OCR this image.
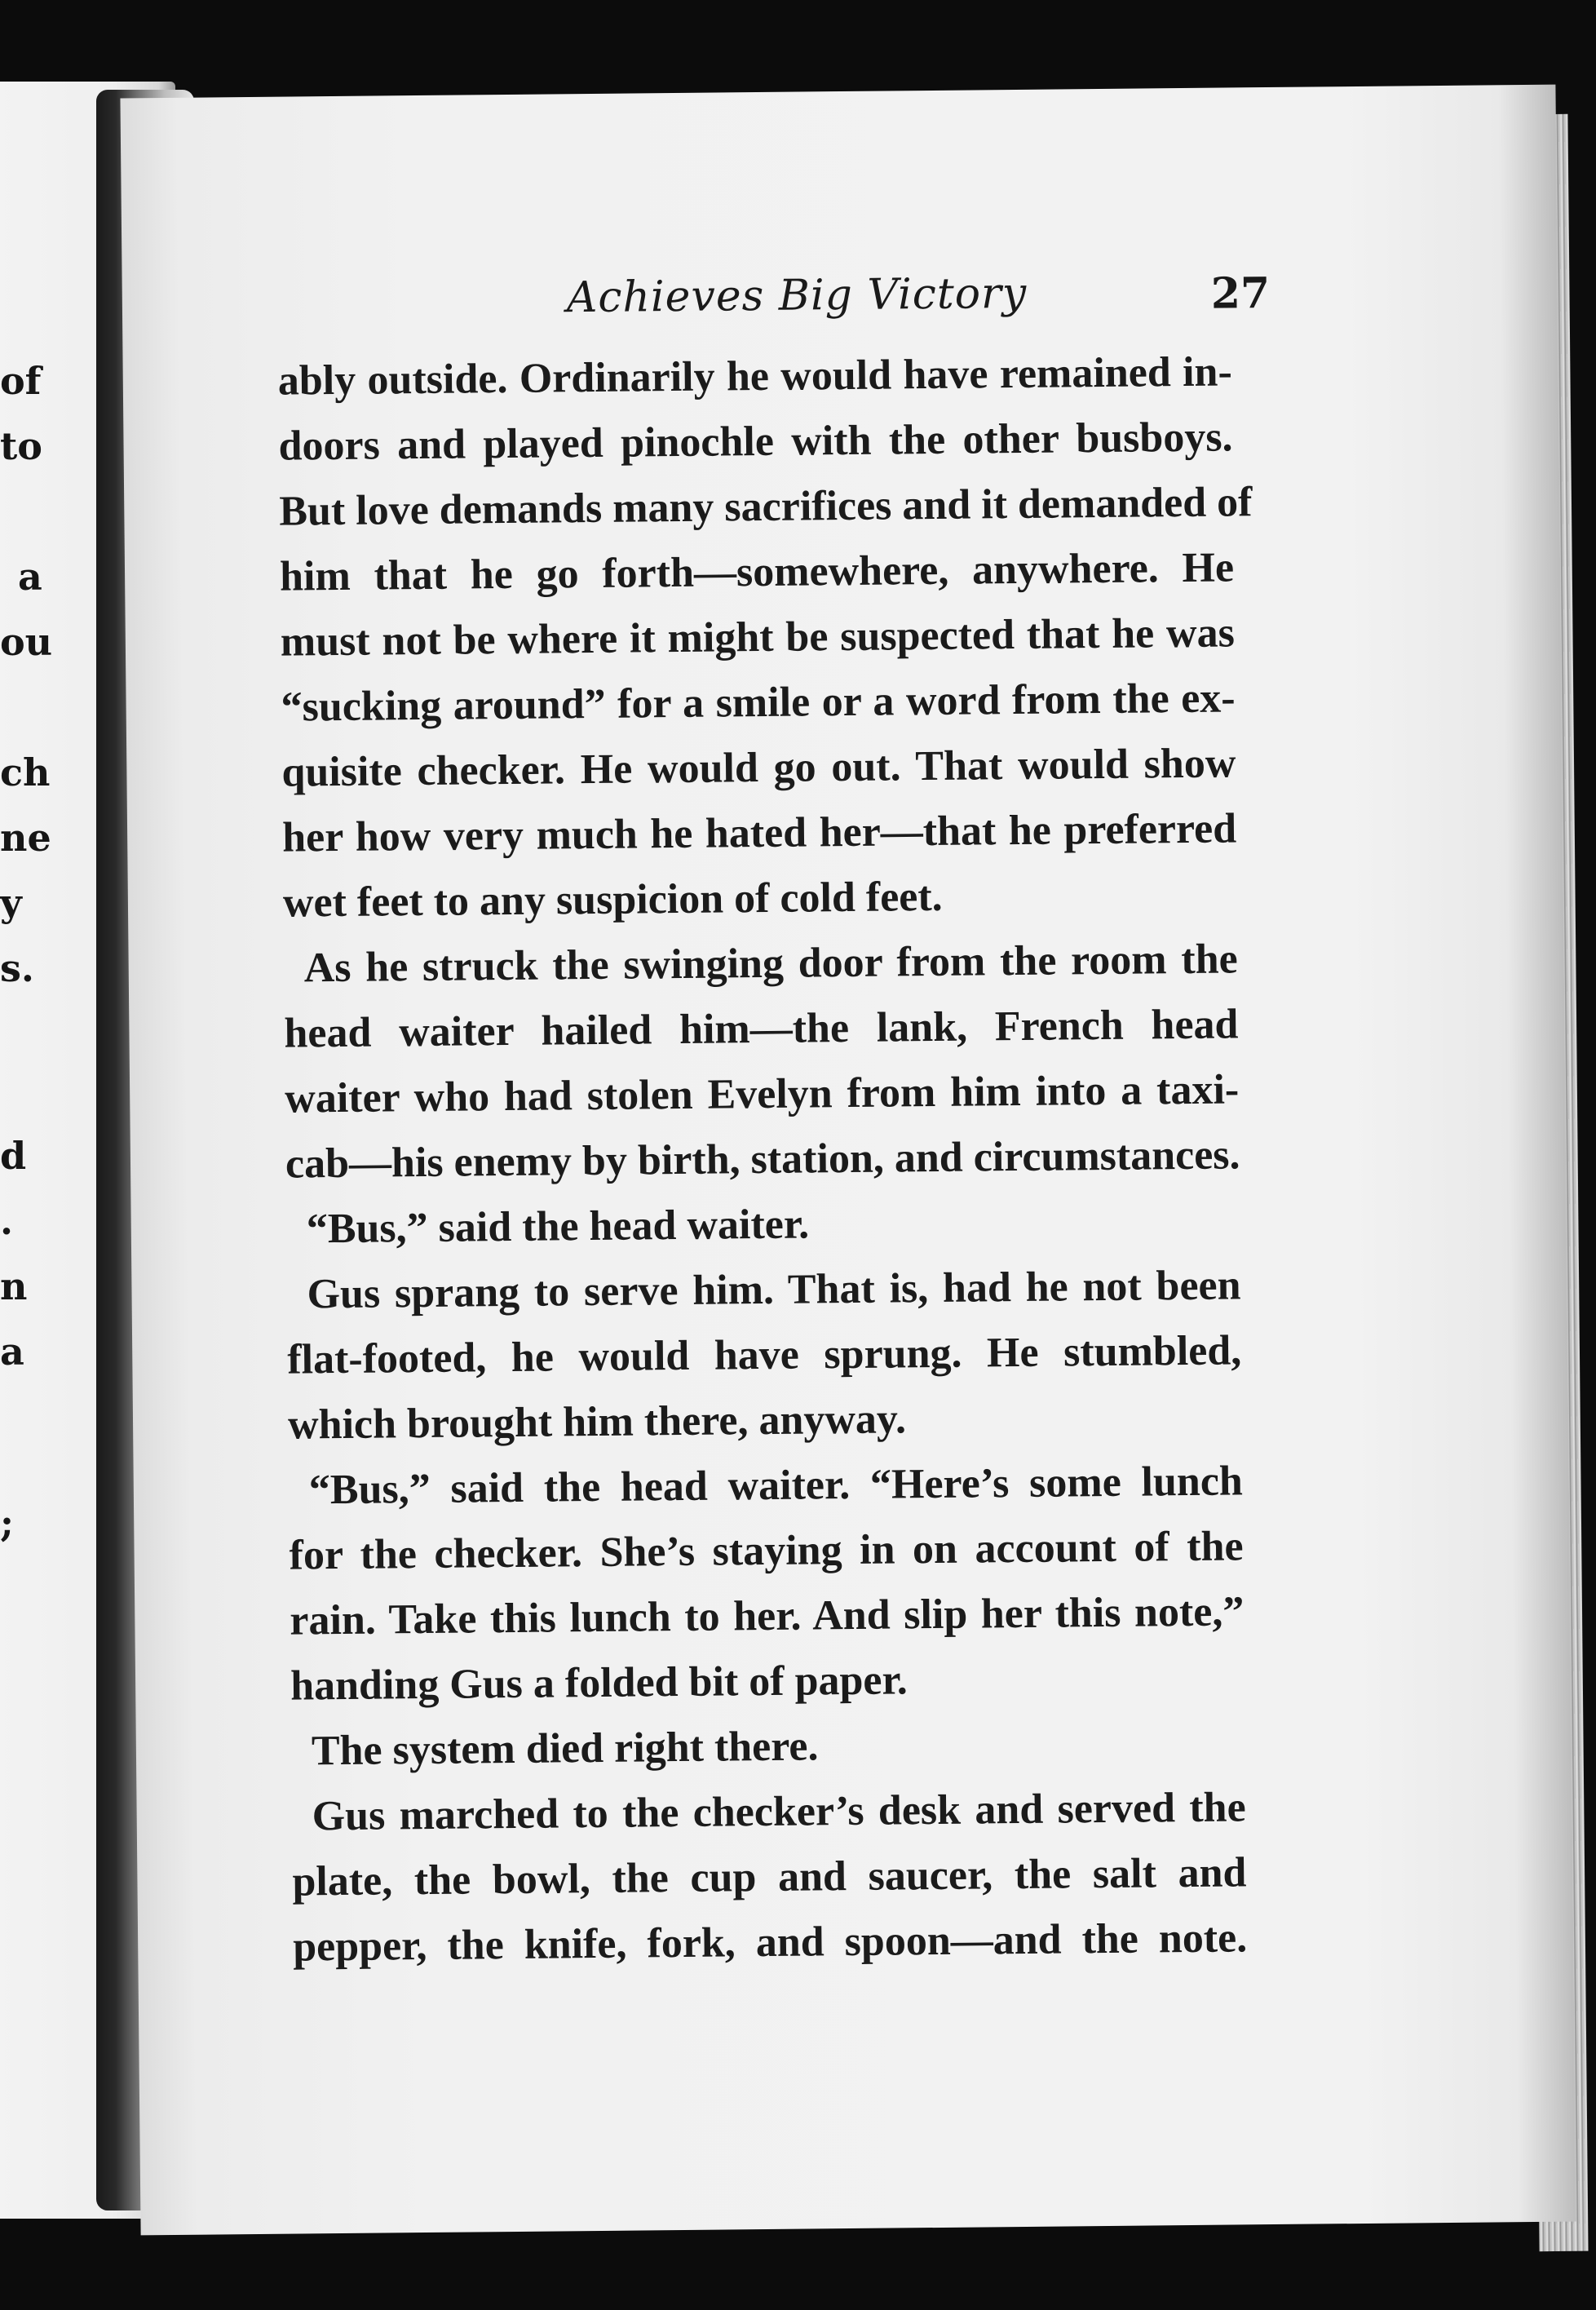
of
to
a
ou
ch
ne
y
s.
d
.
n
a
;
Achieves Big Victory	27
ably outside. Ordinarily he would have remained in-
doors and played pinochle with the other busboys.
But love demands many sacrifices and it demanded of
him that he go forth—somewhere, anywhere. He
must not be where it might be suspected that he was
“sucking around” for a smile or a word from the ex-
quisite checker. He would go out. That would show
her how very much he hated her—that he preferred
wet feet to any suspicion of cold feet.
As he struck the swinging door from the room the
head waiter hailed him—the lank, French head
waiter who had stolen Evelyn from him into a taxi-
cab—his enemy by birth, station, and circumstances.
“Bus,” said the head waiter.
Gus sprang to serve him. That is, had he not been
flat-footed, he would have sprung. He stumbled,
which brought him there, anyway.
“Bus,” said the head waiter. “Here’s some lunch
for the checker. She’s staying in on account of the
rain. Take this lunch to her. And slip her this note,”
handing Gus a folded bit of paper.
The system died right there.
Gus marched to the checker’s desk and served the
plate, the bowl, the cup and saucer, the salt and
pepper, the knife, fork, and spoon—and the note.
